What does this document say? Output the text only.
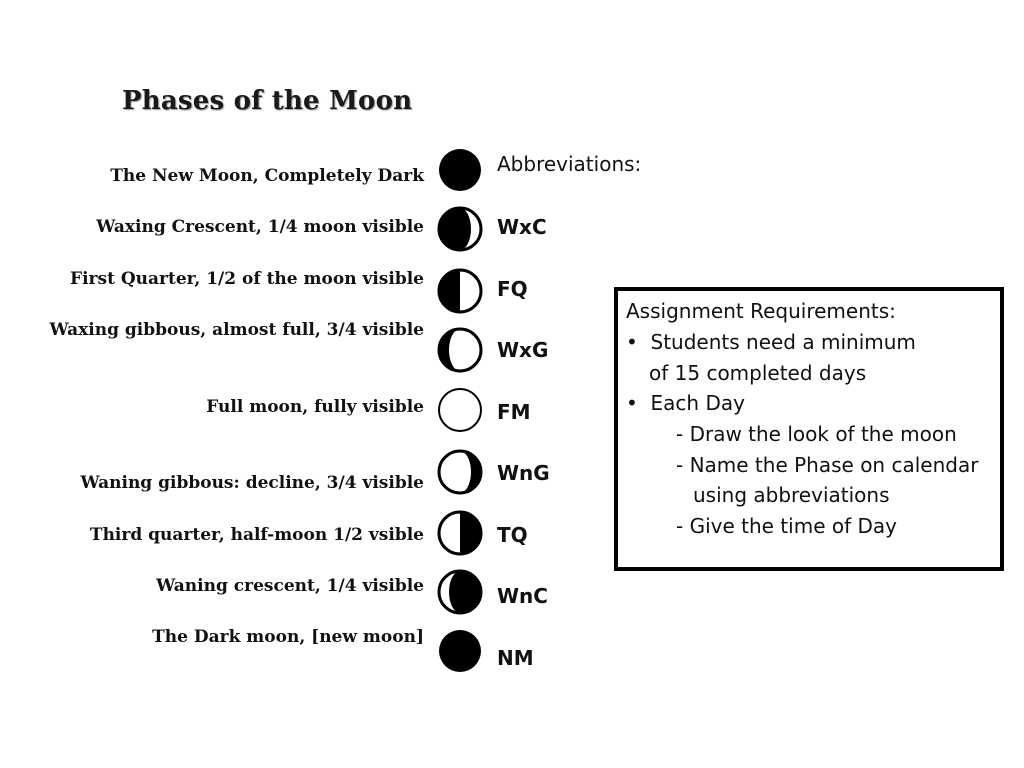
Phases of the Moon
The New Moon, Completely Dark
Waxing Crescent, 1/4 moon visible
First Quarter, 1/2 of the moon visible
Waxing gibbous, almost full, 3/4 visible
Full moon, fully visible
Waning gibbous: decline, 3/4 visible
Third quarter, half-moon 1/2 vsible
Waning crescent, 1/4 visible
The Dark moon, [new moon]
Abbreviations:
WxC
FQ
WxG
FM
WnG
TQ
WnC
NM
Assignment Requirements:
• Students need a minimum
of 15 completed days
• Each Day
- Draw the look of the moon
- Name the Phase on calendar
using abbreviations
- Give the time of Day
